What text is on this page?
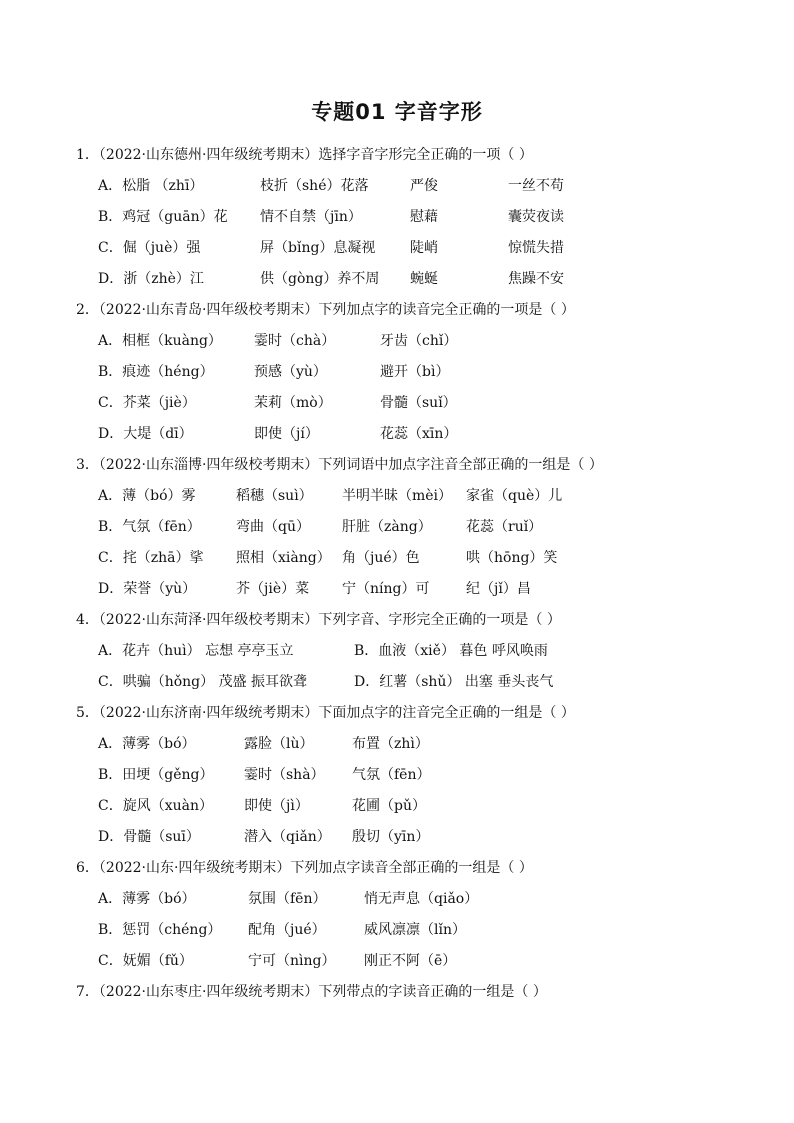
专题01 字音字形
1．（2022·山东德州·四年级统考期末）选择字音字形完全正确的一项（ ）
A．松脂 （zhī）	枝折（shé）花落	严俊	一丝不苟
B．鸡冠（guān）花 情不自禁（jīn）	慰藉	囊荧夜读
C．倔（juè）强	屏（bǐng）息凝视 陡峭	惊慌失措
D．浙（zhè）江	供（gòng）养不周 蜿蜒	焦躁不安
2．（2022·山东青岛·四年级校考期末）下列加点字的读音完全正确的一项是（ ）
A．相框（kuàng） 霎时（chà）	牙齿（chǐ）
B．痕迹（héng）	预感（yù）	避开（bì）
C．芥菜（jiè）	茉莉（mò）	骨髓（suǐ）
D．大堤（dī）	即使（jí）	花蕊（xīn）
3．（2022·山东淄博·四年级校考期末）下列词语中加点字注音全部正确的一组是（ ）
A．薄（bó）雾	稻穗（suì） 半明半昧（mèi） 家雀（què）儿
B．气氛（fēn）	弯曲（qū） 肝脏（zàng） 花蕊（ruǐ）
C．挓（zhā）挲 照相（xiàng） 角（jué）色	哄（hōng）笑
D．荣誉（yù）	芥（jiè）菜 宁（níng）可	纪（jǐ）昌
4．（2022·山东菏泽·四年级校考期末）下列字音、字形完全正确的一项是（ ）
A．花卉（huì） 忘想 亭亭玉立	B．血液（xiě） 暮色 呼风唤雨
C．哄骗（hǒng） 茂盛 振耳欲聋	D．红薯（shǔ） 出塞 垂头丧气
5．（2022·山东济南·四年级统考期末）下面加点字的注音完全正确的一组是（ ）
A．薄雾（bó）	露脸（lù）	布置（zhì）
B．田埂（gěng） 霎时（shà） 气氛（fēn）
C．旋风（xuàn） 即使（jì）	花圃（pǔ）
D．骨髓（suī）	潜入（qiǎn） 殷切（yīn）
6．（2022·山东·四年级统考期末）下列加点字读音全部正确的一组是（ ）
A．薄雾（bó）	氛围（fēn）	悄无声息（qiǎo）
B．惩罚（chéng） 配角（jué）	威风凛凛（lǐn）
C．妩媚（fǔ）	宁可（nìng） 刚正不阿（ē）
7．（2022·山东枣庄·四年级统考期末）下列带点的字读音正确的一组是（ ）
